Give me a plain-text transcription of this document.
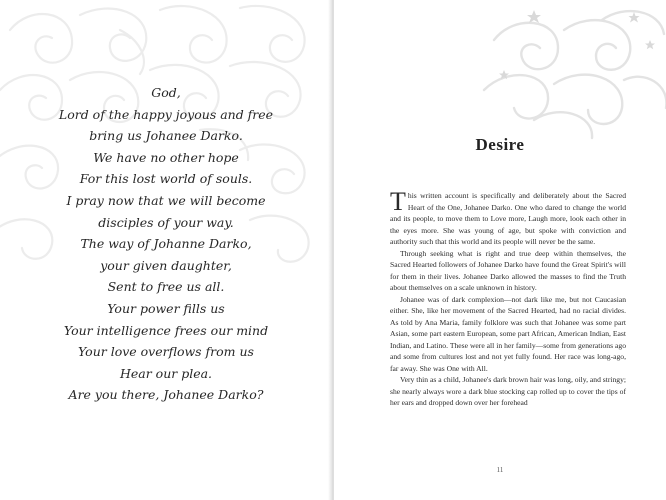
God,
Lord of the happy joyous and free
bring us Johanee Darko.
We have no other hope
For this lost world of souls.
I pray now that we will become
disciples of your way.
The way of Johanne Darko,
your given daughter,
Sent to free us all.
Your power fills us
Your intelligence frees our mind
Your love overflows from us
Hear our plea.
Are you there, Johanee Darko?
Desire

This written account is specifically and deliberately about the Sacred Heart of the One, Johanee Darko. One who dared to change the world and its people, to move them to Love more, Laugh more, look each other in the eyes more. She was young of age, but spoke with conviction and authority such that this world and its people will never be the same.

Through seeking what is right and true deep within themselves, the Sacred Hearted followers of Johanee Darko have found the Great Spirit's will for them in their lives. Johanee Darko allowed the masses to find the Truth about themselves on a scale unknown in history.

Johanee was of dark complexion—not dark like me, but not Caucasian either. She, like her movement of the Sacred Hearted, had no racial divides. As told by Ana Maria, family folklore was such that Johanee was some part Asian, some part eastern European, some part African, American Indian, East Indian, and Latino. These were all in her family—some from generations ago and some from cultures lost and not yet fully found. Her race was long-ago, far away. She was One with All.

Very thin as a child, Johanee's dark brown hair was long, oily, and stringy; she nearly always wore a dark blue stocking cap rolled up to cover the tips of her ears and dropped down over her forehead

11
